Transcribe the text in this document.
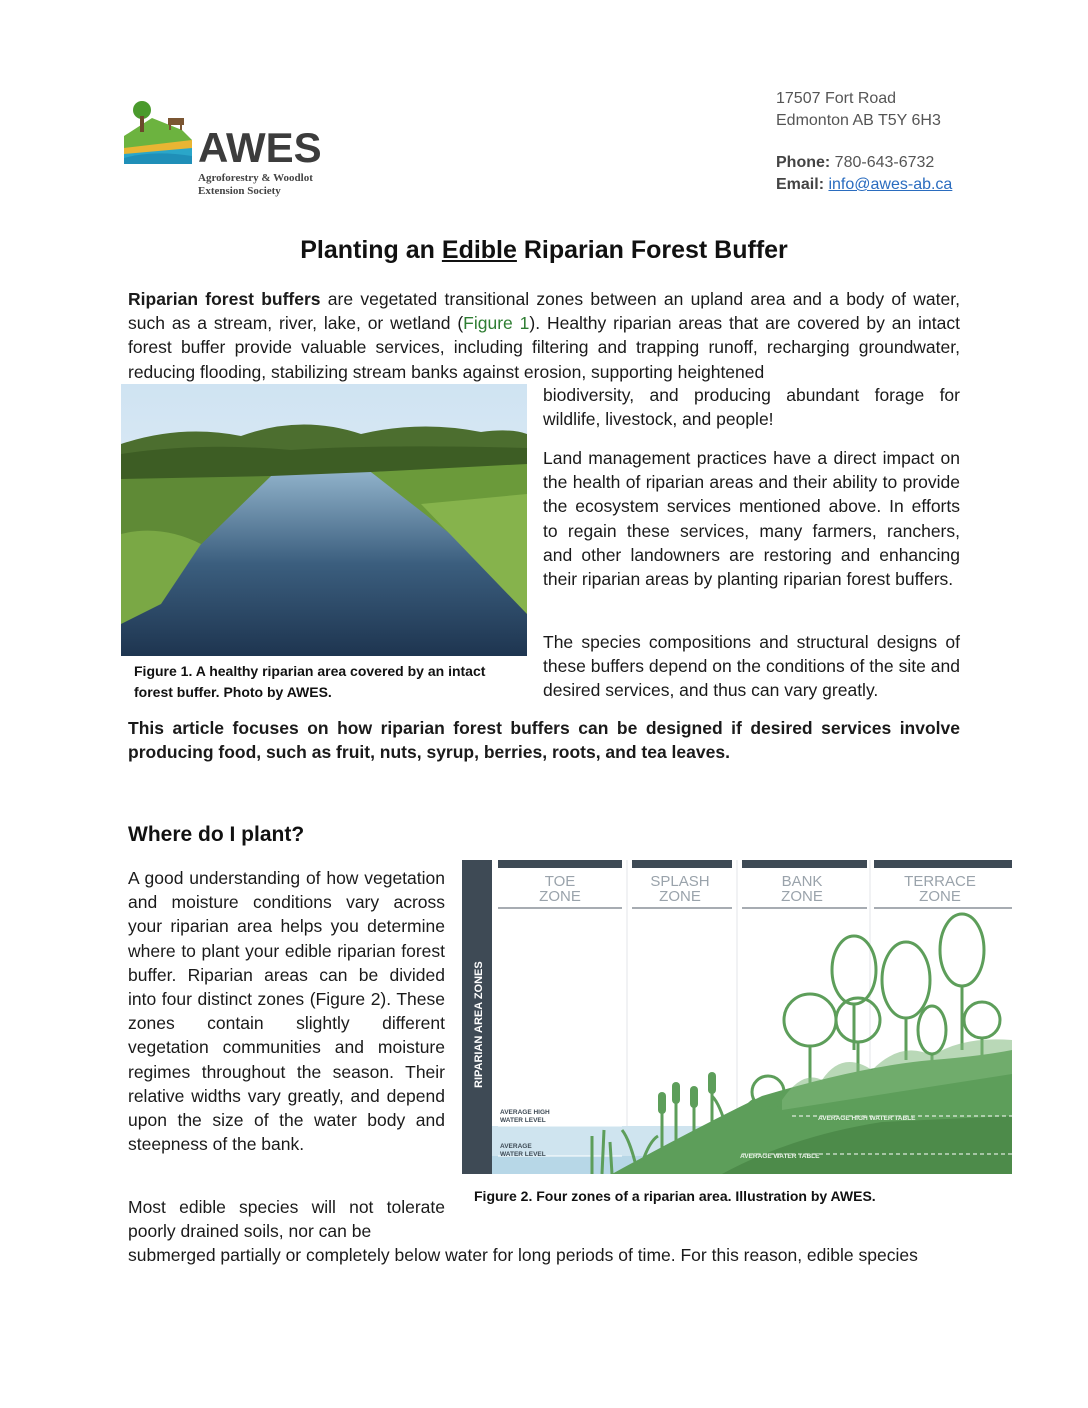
AWES
Agroforestry & Woodlot
Extension Society
17507 Fort Road
Edmonton AB T5Y 6H3
Phone: 780-643-6732
Email: info@awes-ab.ca
Planting an Edible Riparian Forest Buffer
Riparian forest buffers are vegetated transitional zones between an upland area and a body of water, such as a stream, river, lake, or wetland (Figure 1). Healthy riparian areas that are covered by an intact forest buffer provide valuable services, including filtering and trapping runoff, recharging groundwater, reducing flooding, stabilizing stream banks against erosion, supporting heightened
biodiversity, and producing abundant forage for wildlife, livestock, and people!
Land management practices have a direct impact on the health of riparian areas and their ability to provide the ecosystem services mentioned above. In efforts to regain these services, many farmers, ranchers, and other landowners are restoring and enhancing their riparian areas by planting riparian forest buffers.
The species compositions and structural designs of these buffers depend on the conditions of the site and desired services, and thus can vary greatly.
Figure 1. A healthy riparian area covered by an intact forest buffer. Photo by AWES.
This article focuses on how riparian forest buffers can be designed if desired services involve producing food, such as fruit, nuts, syrup, berries, roots, and tea leaves.
Where do I plant?
A good understanding of how vegetation and moisture conditions vary across your riparian area helps you determine where to plant your edible riparian forest buffer. Riparian areas can be divided into four distinct zones (Figure 2). These zones contain slightly different vegetation communities and moisture regimes throughout the season. Their relative widths vary greatly, and depend upon the size of the water body and steepness of the bank.
Most edible species will not tolerate poorly drained soils, nor can be
submerged partially or completely below water for long periods of time. For this reason, edible species
RIPARIAN AREA ZONES
TOE
ZONE
SPLASH
ZONE
BANK
ZONE
TERRACE
ZONE
AVERAGE HIGH
WATER LEVEL
AVERAGE
WATER LEVEL
AVERAGE HIGH WATER TABLE
AVERAGE WATER TABLE
Figure 2. Four zones of a riparian area. Illustration by AWES.
